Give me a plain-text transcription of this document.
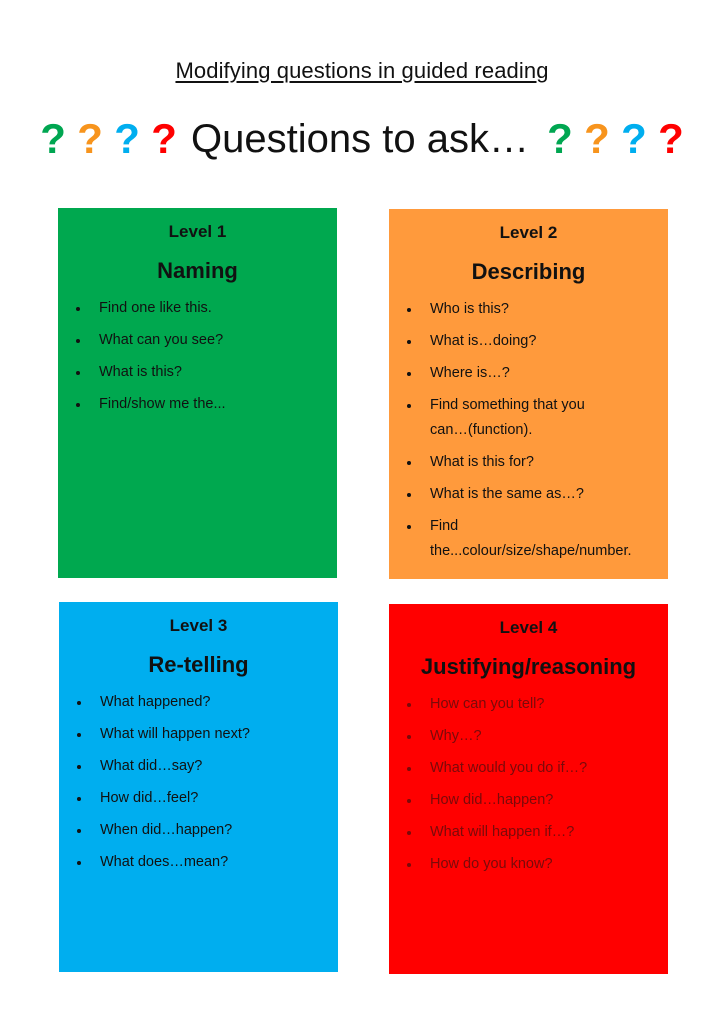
Modifying questions in guided reading
? ? ? ? Questions to ask… ? ? ? ?
Level 1
Naming
Find one like this.
What can you see?
What is this?
Find/show me the...
Level 2
Describing
Who is this?
What is…doing?
Where is…?
Find something that you can…(function).
What is this for?
What is the same as…?
Find the...colour/size/shape/number.
Level 3
Re-telling
What happened?
What will happen next?
What did…say?
How did…feel?
When did…happen?
What does…mean?
Level 4
Justifying/reasoning
How can you tell?
Why…?
What would you do if…?
How did…happen?
What will happen if…?
How do you know?
